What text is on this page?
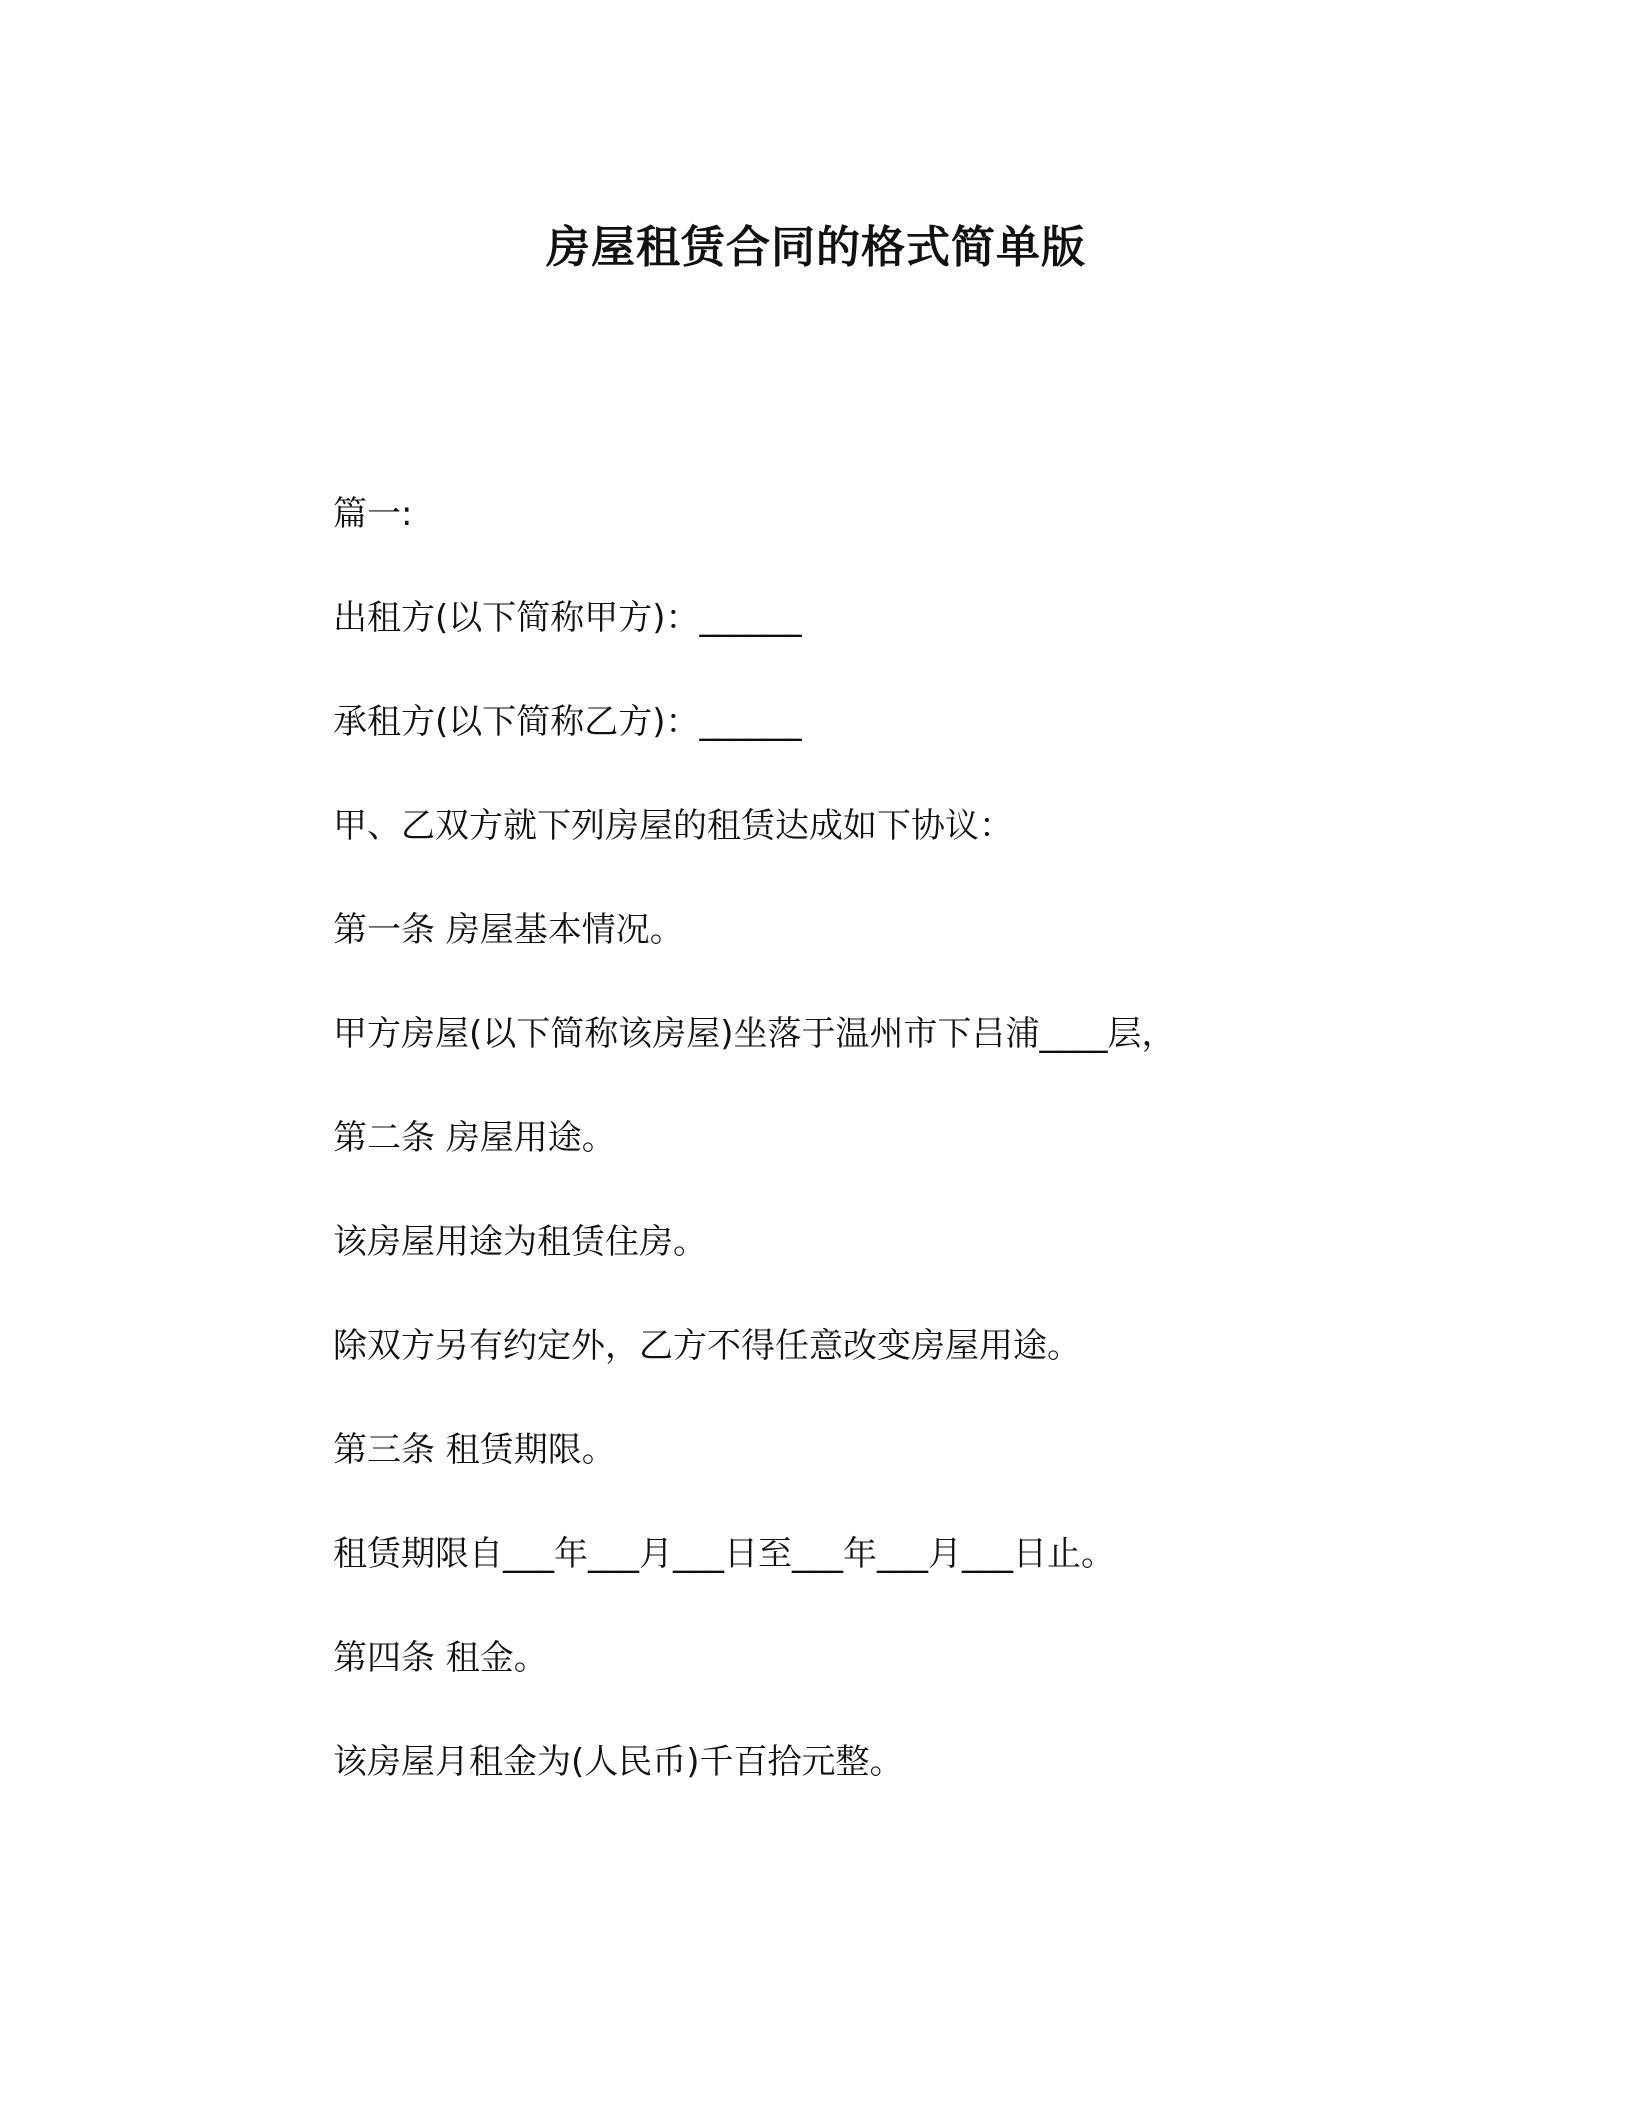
房屋租赁合同的格式简单版

篇一:

出租方(以下简称甲方)：______

承租方(以下简称乙方)：______

甲、乙双方就下列房屋的租赁达成如下协议：

第一条 房屋基本情况。

甲方房屋(以下简称该房屋)坐落于温州市下吕浦____层，

第二条 房屋用途。

该房屋用途为租赁住房。

除双方另有约定外，乙方不得任意改变房屋用途。

第三条 租赁期限。

租赁期限自___年___月___日至___年___月___日止。

第四条 租金。

该房屋月租金为(人民币)千百拾元整。
